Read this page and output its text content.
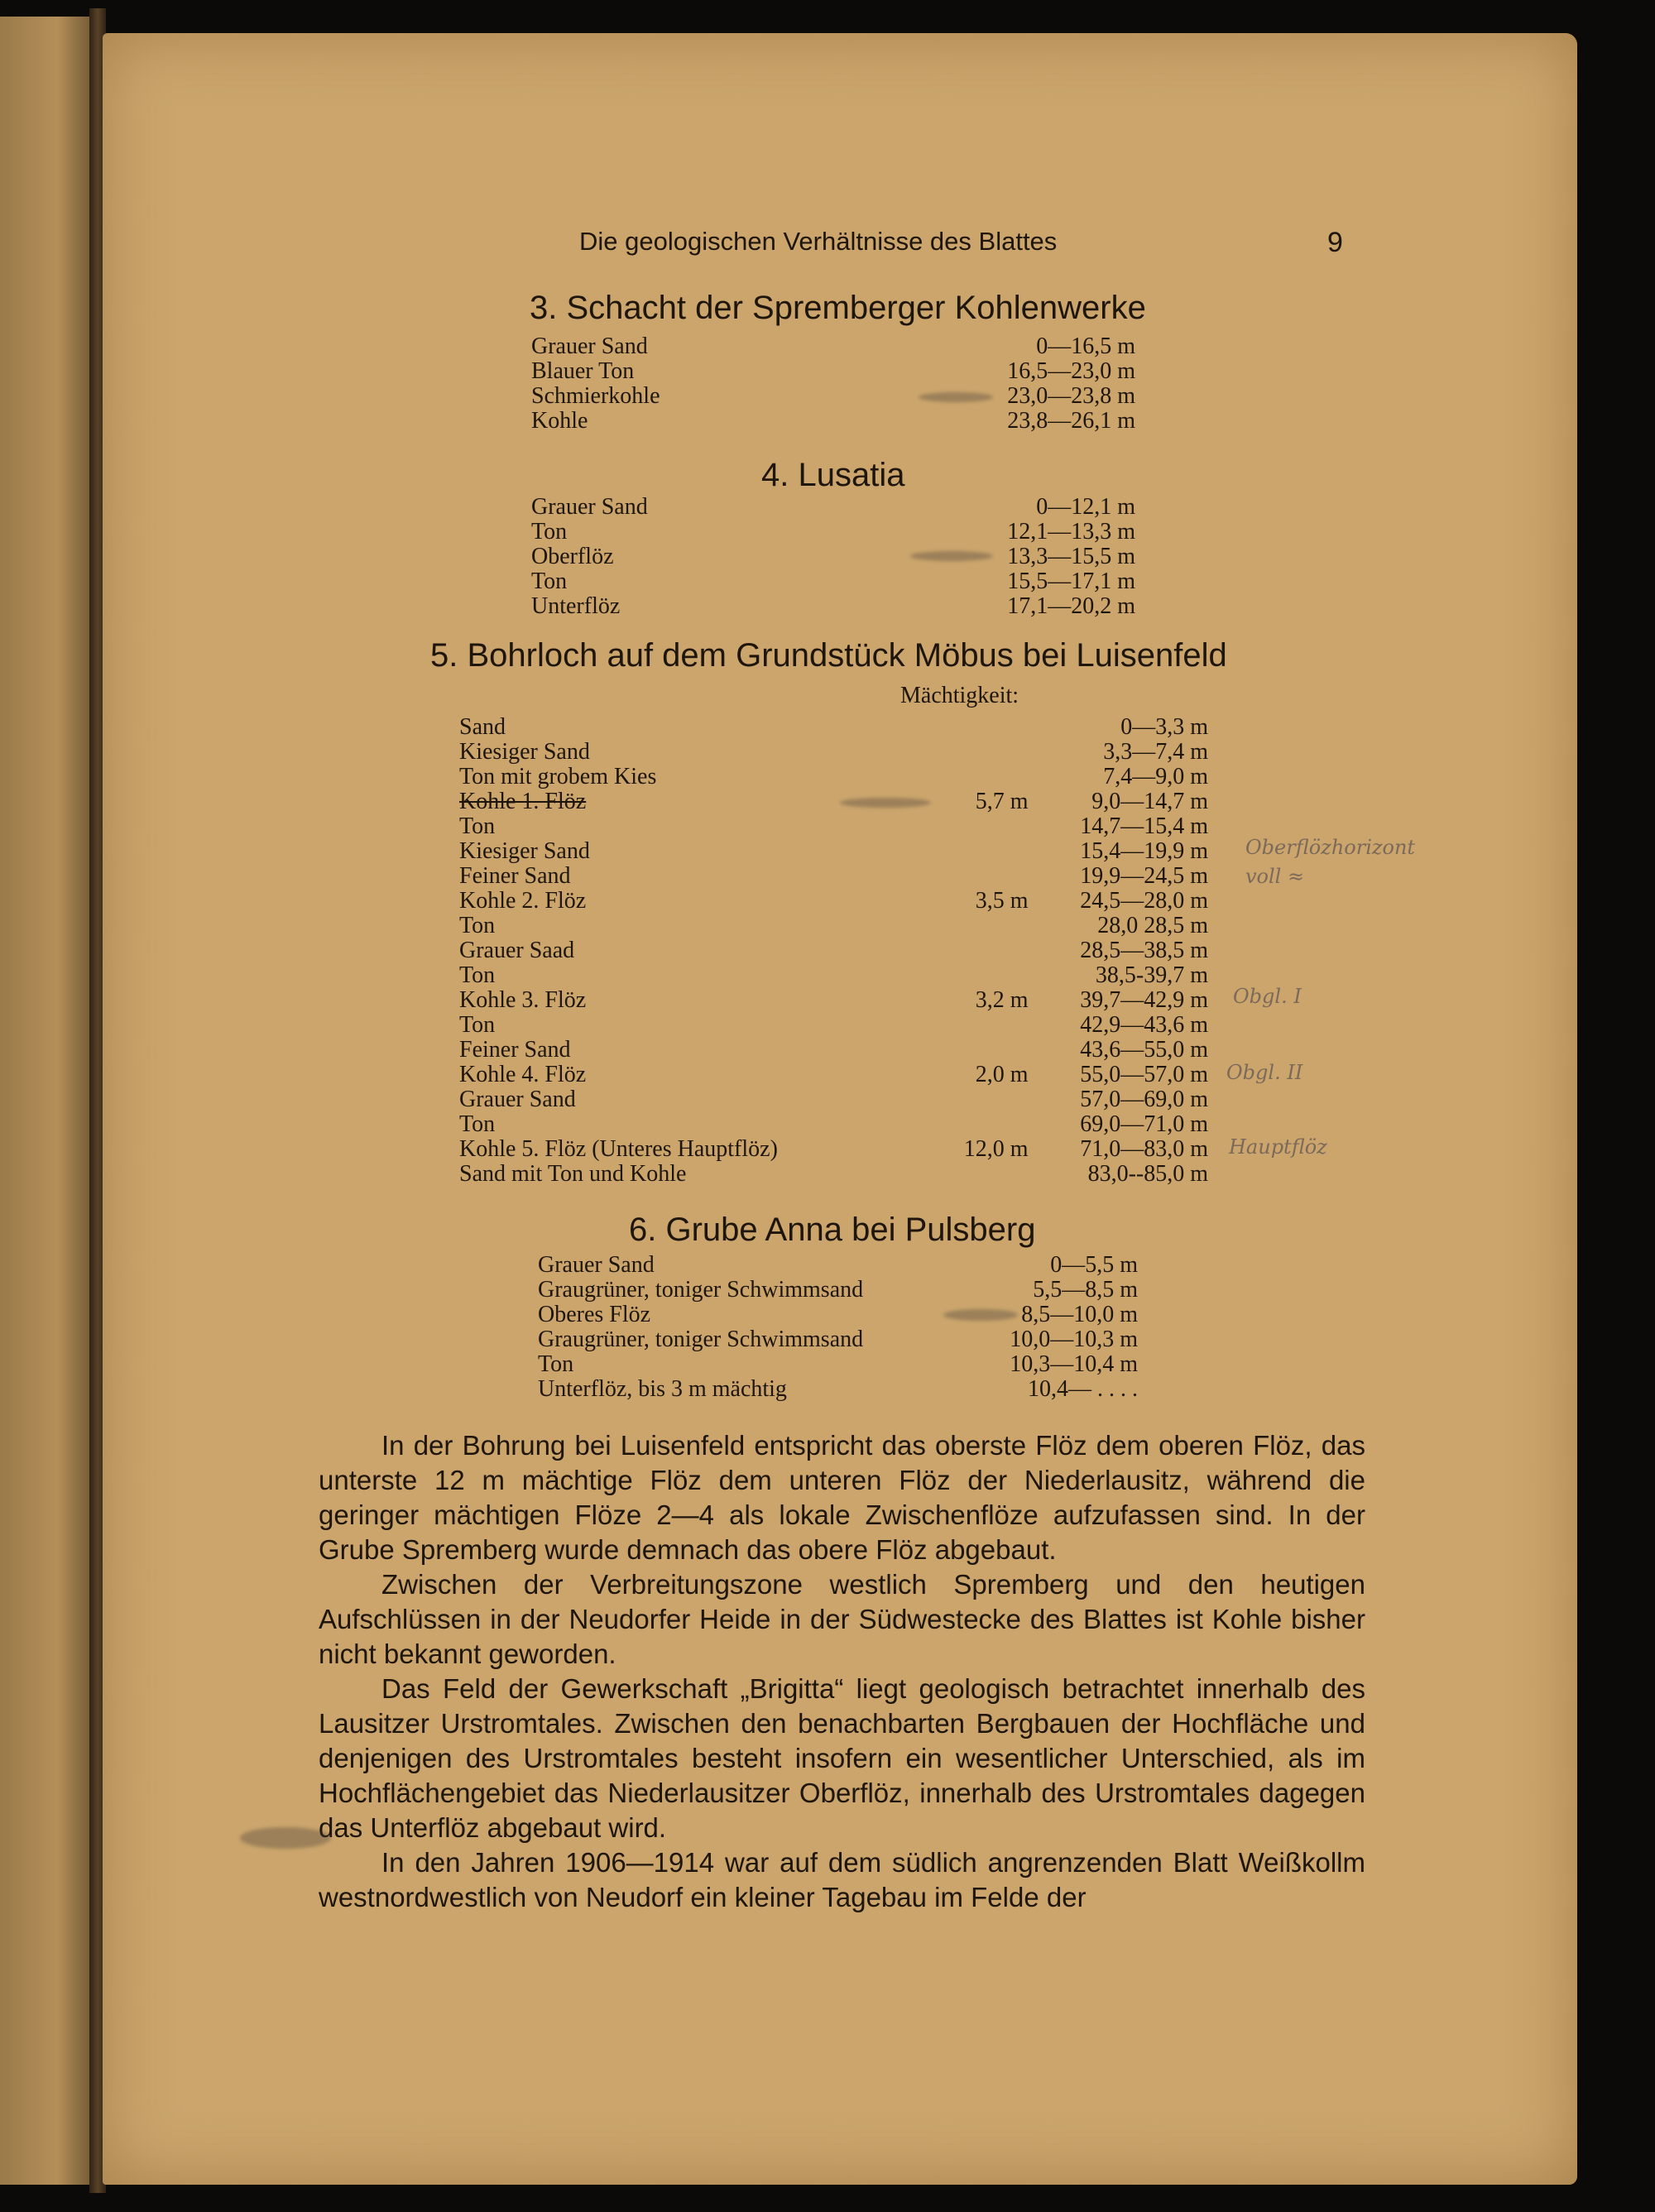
Die geologischen Verhältnisse des Blattes	9
3. Schacht der Spremberger Kohlenwerke
Grauer Sand	0—16,5 m
Blauer Ton	16,5—23,0 m
Schmierkohle	23,0—23,8 m
Kohle	23,8—26,1 m
4. Lusatia
Grauer Sand	0—12,1 m
Ton	12,1—13,3 m
Oberflöz	13,3—15,5 m
Ton	15,5—17,1 m
Unterflöz	17,1—20,2 m
5. Bohrloch auf dem Grundstück Möbus bei Luisenfeld
Mächtigkeit:
Sand	0—3,3 m
Kiesiger Sand	3,3—7,4 m
Ton mit grobem Kies	7,4—9,0 m
Kohle 1. Flöz	5,7 m	9,0—14,7 m
Ton	14,7—15,4 m
Kiesiger Sand	15,4—19,9 m
Feiner Sand	19,9—24,5 m
Kohle 2. Flöz	3,5 m	24,5—28,0 m
Ton	28,0 28,5 m
Grauer Saad	28,5—38,5 m
Ton	38,5-39,7 m
Kohle 3. Flöz	3,2 m	39,7—42,9 m
Ton	42,9—43,6 m
Feiner Sand	43,6—55,0 m
Kohle 4. Flöz	2,0 m	55,0—57,0 m
Grauer Sand	57,0—69,0 m
Ton	69,0—71,0 m
Kohle 5. Flöz (Unteres Hauptflöz)	12,0 m	71,0—83,0 m
Sand mit Ton und Kohle	83,0--85,0 m
Oberflözhorizont
voll ≈
Obgl. I
Obgl. II
Hauptflöz
6. Grube Anna bei Pulsberg
Grauer Sand	0—5,5 m
Graugrüner, toniger Schwimmsand	5,5—8,5 m
Oberes Flöz	8,5—10,0 m
Graugrüner, toniger Schwimmsand	10,0—10,3 m
Ton	10,3—10,4 m
Unterflöz, bis 3 m mächtig	10,4— . . . .

In der Bohrung bei Luisenfeld entspricht das oberste Flöz dem oberen Flöz, das unterste 12 m mächtige Flöz dem unteren Flöz der Niederlausitz, während die geringer mächtigen Flöze 2—4 als lokale Zwischenflöze aufzufassen sind. In der Grube Spremberg wurde demnach das obere Flöz abgebaut.

Zwischen der Verbreitungszone westlich Spremberg und den heutigen Aufschlüssen in der Neudorfer Heide in der Südwestecke des Blattes ist Kohle bisher nicht bekannt geworden.

Das Feld der Gewerkschaft „Brigitta“ liegt geologisch betrachtet innerhalb des Lausitzer Urstromtales. Zwischen den benachbarten Bergbauen der Hochfläche und denjenigen des Urstromtales besteht insofern ein wesentlicher Unterschied, als im Hochflächengebiet das Niederlausitzer Oberflöz, innerhalb des Urstromtales dagegen das Unterflöz abgebaut wird.

In den Jahren 1906—1914 war auf dem südlich angrenzenden Blatt Weißkollm westnordwestlich von Neudorf ein kleiner Tagebau im Felde der
